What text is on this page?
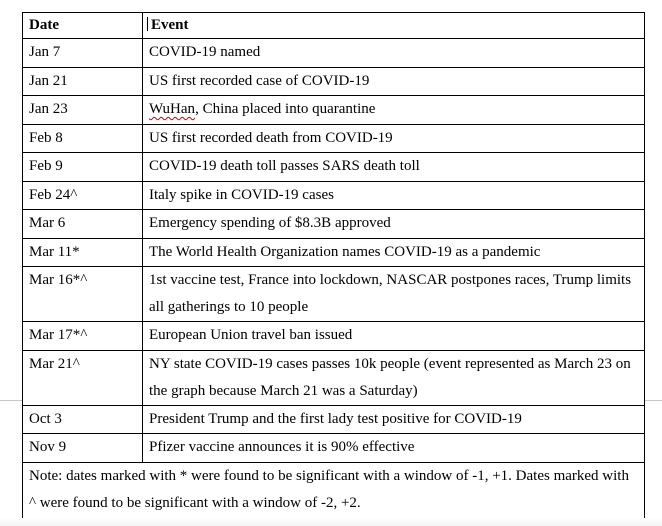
Date	Event
Jan 7	COVID-19 named
Jan 21	US first recorded case of COVID-19
Jan 23	WuHan, China placed into quarantine
Feb 8	US first recorded death from COVID-19
Feb 9	COVID-19 death toll passes SARS death toll
Feb 24^	Italy spike in COVID-19 cases
Mar 6	Emergency spending of $8.3B approved
Mar 11*	The World Health Organization names COVID-19 as a pandemic
Mar 16*^	1st vaccine test, France into lockdown, NASCAR postpones races, Trump limits all gatherings to 10 people
Mar 17*^	European Union travel ban issued
Mar 21^	NY state COVID-19 cases passes 10k people (event represented as March 23 on the graph because March 21 was a Saturday)
Oct 3	President Trump and the first lady test positive for COVID-19
Nov 9	Pfizer vaccine announces it is 90% effective
Note: dates marked with * were found to be significant with a window of -1, +1. Dates marked with ^ were found to be significant with a window of -2, +2.	
